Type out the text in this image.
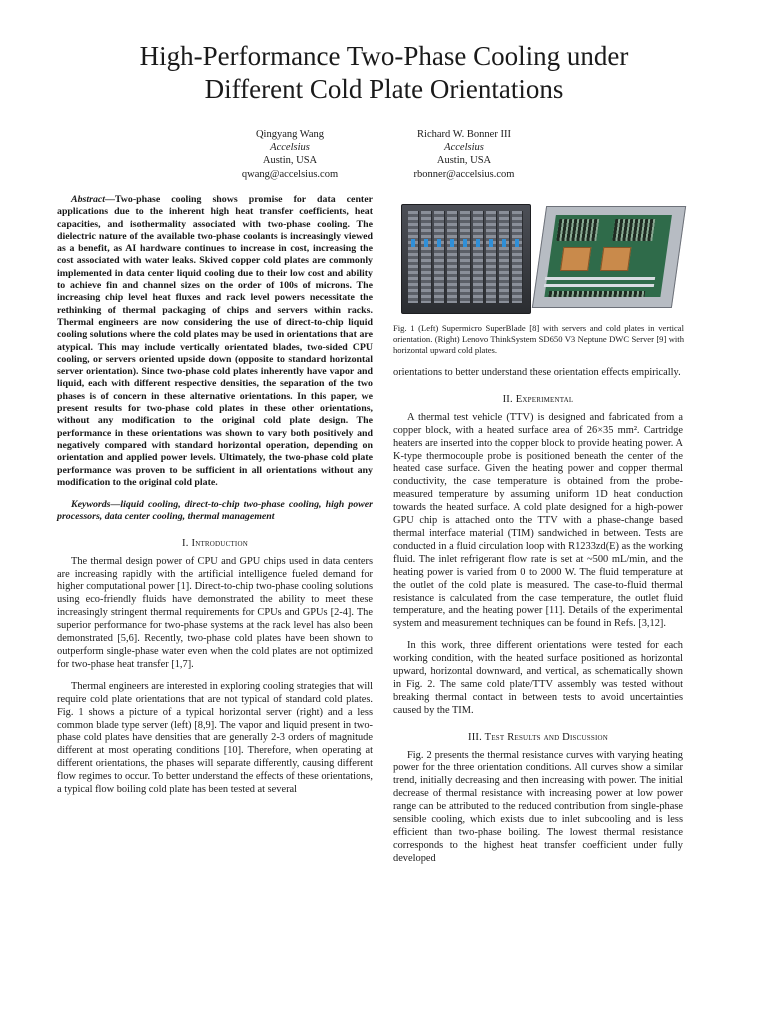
High-Performance Two-Phase Cooling under
Different Cold Plate Orientations
Qingyang Wang
Accelsius
Austin, USA
qwang@accelsius.com
Richard W. Bonner III
Accelsius
Austin, USA
rbonner@accelsius.com

Abstract—Two-phase cooling shows promise for data center applications due to the inherent high heat transfer coefficients, heat capacities, and isothermality associated with two-phase cooling. The dielectric nature of the available two-phase coolants is increasingly viewed as a benefit, as AI hardware continues to increase in cost, increasing the cost associated with water leaks. Skived copper cold plates are commonly implemented in data center liquid cooling due to their low cost and ability to achieve fin and channel sizes on the order of 100s of microns. The increasing chip level heat fluxes and rack level powers necessitate the rethinking of thermal packaging of chips and servers within racks. Thermal engineers are now considering the use of direct-to-chip liquid cooling solutions where the cold plates may be used in orientations that are atypical. This may include vertically orientated blades, two-sided CPU cooling, or servers oriented upside down (opposite to standard horizontal server orientation). Since two-phase cold plates inherently have vapor and liquid, each with different respective densities, the separation of the two phases is of concern in these alternative orientations. In this paper, we present results for two-phase cold plates in these other orientations, without any modification to the original cold plate design. The performance in these orientations was shown to vary both positively and negatively compared with standard horizontal operation, depending on orientation and applied power levels. Ultimately, the two-phase cold plate performance was proven to be sufficient in all orientations without any modification to the original cold plate.

Keywords—liquid cooling, direct-to-chip two-phase cooling, high power processors, data center cooling, thermal management

I. Introduction

The thermal design power of CPU and GPU chips used in data centers are increasing rapidly with the artificial intelligence fueled demand for higher computational power [1]. Direct-to-chip two-phase cooling solutions using eco-friendly fluids have demonstrated the ability to meet these increasingly stringent thermal requirements for CPUs and GPUs [2-4]. The superior performance for two-phase systems at the rack level has also been demonstrated [5,6]. Recently, two-phase cold plates have been shown to outperform single-phase water even when the cold plates are not optimized for two-phase heat transfer [1,7].

Thermal engineers are interested in exploring cooling strategies that will require cold plate orientations that are not typical of standard cold plates. Fig. 1 shows a picture of a typical horizontal server (right) and a less common blade type server (left) [8,9]. The vapor and liquid present in two-phase cold plates have densities that are generally 2-3 orders of magnitude different at most operating conditions [10]. Therefore, when operating at different orientations, the phases will separate differently, causing different flow regimes to occur. To better understand the effects of these orientations, a typical flow boiling cold plate has been tested at several

Fig. 1 (Left) Supermicro SuperBlade [8] with servers and cold plates in vertical orientation. (Right) Lenovo ThinkSystem SD650 V3 Neptune DWC Server [9] with horizontal upward cold plates.

orientations to better understand these orientation effects empirically.

II. Experimental

A thermal test vehicle (TTV) is designed and fabricated from a copper block, with a heated surface area of 26×35 mm². Cartridge heaters are inserted into the copper block to provide heating power. A K-type thermocouple probe is positioned beneath the center of the heated case surface. Given the heating power and copper thermal conductivity, the case temperature is obtained from the probe-measured temperature by assuming uniform 1D heat conduction towards the heated surface. A cold plate designed for a high-power GPU chip is attached onto the TTV with a phase-change based thermal interface material (TIM) sandwiched in between. Tests are conducted in a fluid circulation loop with R1233zd(E) as the working fluid. The inlet refrigerant flow rate is set at ~500 mL/min, and the heating power is varied from 0 to 2000 W. The fluid temperature at the outlet of the cold plate is measured. The case-to-fluid thermal resistance is calculated from the case temperature, the outlet fluid temperature, and the heating power [11]. Details of the experimental system and measurement techniques can be found in Refs. [3,12].

In this work, three different orientations were tested for each working condition, with the heated surface positioned as horizontal upward, horizontal downward, and vertical, as schematically shown in Fig. 2. The same cold plate/TTV assembly was tested without breaking thermal contact in between tests to avoid uncertainties caused by the TIM.

III. Test Results and Discussion

Fig. 2 presents the thermal resistance curves with varying heating power for the three orientation conditions. All curves show a similar trend, initially decreasing and then increasing with power. The initial decrease of thermal resistance with increasing power at low power range can be attributed to the reduced contribution from single-phase sensible cooling, which exists due to inlet subcooling and is less efficient than two-phase boiling. The lowest thermal resistance corresponds to the highest heat transfer coefficient under fully developed
